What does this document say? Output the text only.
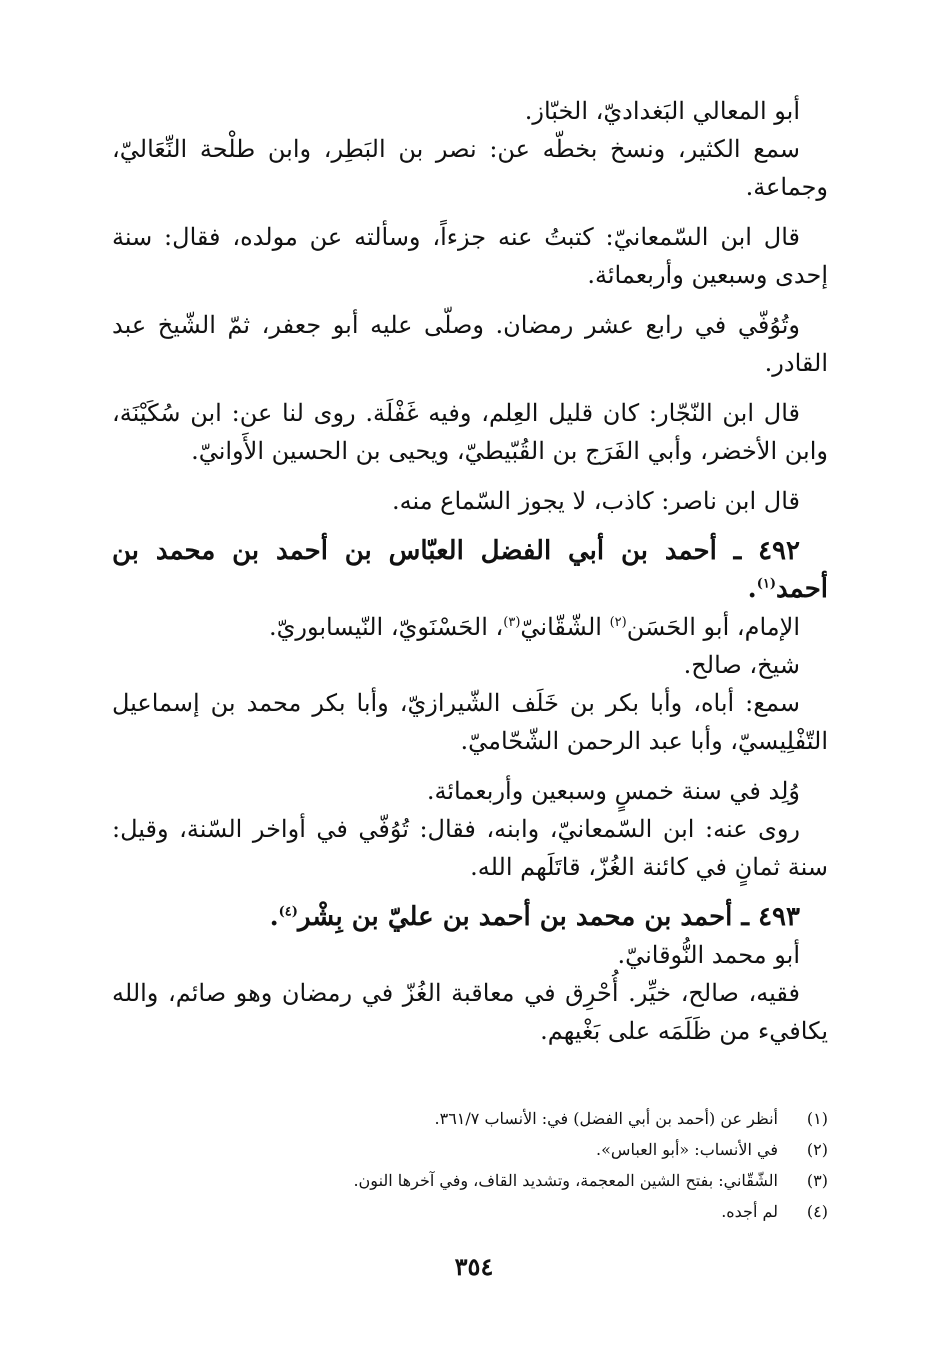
أبو المعالي البَغداديّ، الخبّاز.

سمع الكثير، ونسخ بخطّه عن: نصر بن البَطِر، وابن طلْحة النِّعَاليّ، وجماعة.

قال ابن السّمعانيّ: كتبتُ عنه جزءاً، وسألته عن مولده، فقال: سنة إحدى وسبعين وأربعمائة.

وتُوُفّي في رابع عشر رمضان. وصلّى عليه أبو جعفر، ثمّ الشّيخ عبد القادر.

قال ابن النّجّار: كان قليل العِلم، وفيه غَفْلَة. روى لنا عن: ابن سُكَيْنَة، وابن الأخضر، وأبي الفَرَج بن القُبّيطيّ، ويحيى بن الحسين الأَوانيّ.

قال ابن ناصر: كاذب، لا يجوز السّماع منه.

٤٩٢ ـ أحمد بن أبي الفضل العبّاس بن أحمد بن محمد بن أحمد$^{(١)}$.

الإمام، أبو الحَسَن$^{(٢)}$ الشّقّانيّ$^{(٣)}$، الحَسْنَويّ، النّيسابوريّ.

شيخ، صالح.

سمع: أباه، وأبا بكر بن خَلَف الشّيرازيّ، وأبا بكر محمد بن إسماعيل التّفْلِيسيّ، وأبا عبد الرحمن الشّحّاميّ.

وُلِد في سنة خمسٍ وسبعين وأربعمائة.

روى عنه: ابن السّمعانيّ، وابنه، فقال: تُوُفّي في أواخر السّنة، وقيل: سنة ثمانٍ في كائنة الغُزّ، قاتَلَهم الله.

٤٩٣ ـ أحمد بن محمد بن أحمد بن عليّ بن بِشْر$^{(٤)}$.

أبو محمد النُّوقانيّ.

فقيه، صالح، خيِّر. أُحْرِق في معاقبة الغُزّ في رمضان وهو صائم، والله يكافيء من ظَلَمَه على بَغْيهم.

(١)
أنظر عن (أحمد بن أبي الفضل) في: الأنساب ٣٦١/٧.
(٢)
في الأنساب: «أبو العباس».
(٣)
الشّقّاني: بفتح الشين المعجمة، وتشديد القاف، وفي آخرها النون.
(٤)
لم أجده.
٣٥٤
